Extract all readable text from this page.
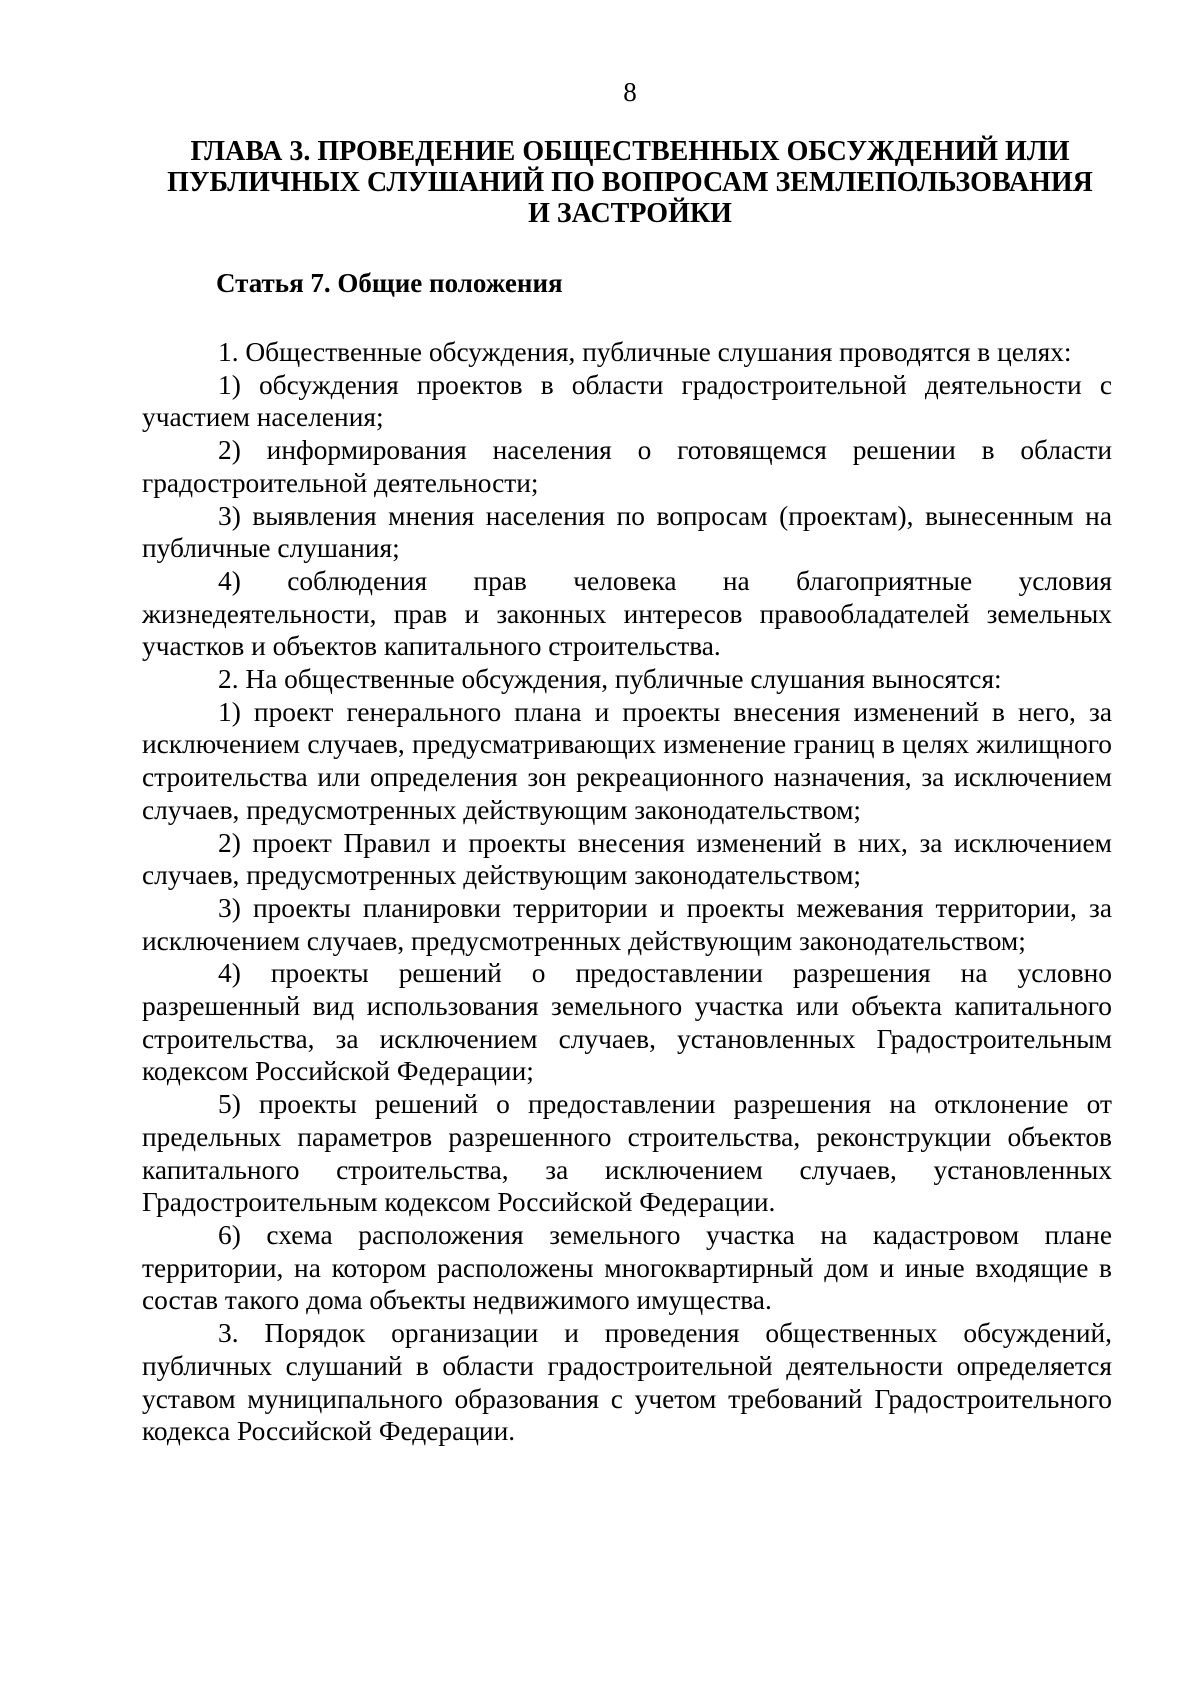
8
ГЛАВА 3. ПРОВЕДЕНИЕ ОБЩЕСТВЕННЫХ ОБСУЖДЕНИЙ ИЛИ
ПУБЛИЧНЫХ СЛУШАНИЙ ПО ВОПРОСАМ ЗЕМЛЕПОЛЬЗОВАНИЯ
И ЗАСТРОЙКИ
Статья 7. Общие положения

1. Общественные обсуждения, публичные слушания проводятся в целях:

1) обсуждения проектов в области градостроительной деятельности с участием населения;

2) информирования населения о готовящемся решении в области градостроительной деятельности;

3) выявления мнения населения по вопросам (проектам), вынесенным на публичные слушания;

4) соблюдения прав человека на благоприятные условия жизнедеятельности, прав и законных интересов правообладателей земельных участков и объектов капитального строительства.

2. На общественные обсуждения, публичные слушания выносятся:

1) проект генерального плана и проекты внесения изменений в него, за исключением случаев, предусматривающих изменение границ в целях жилищного строительства или определения зон рекреационного назначения, за исключением случаев, предусмотренных действующим законодательством;

2) проект Правил и проекты внесения изменений в них, за исключением случаев, предусмотренных действующим законодательством;

3) проекты планировки территории и проекты межевания территории, за исключением случаев, предусмотренных действующим законодательством;

4) проекты решений о предоставлении разрешения на условно разрешенный вид использования земельного участка или объекта капитального строительства, за исключением случаев, установленных Градостроительным кодексом Российской Федерации;

5) проекты решений о предоставлении разрешения на отклонение от предельных параметров разрешенного строительства, реконструкции объектов капитального строительства, за исключением случаев, установленных Градостроительным кодексом Российской Федерации.

6) схема расположения земельного участка на кадастровом плане территории, на котором расположены многоквартирный дом и иные входящие в состав такого дома объекты недвижимого имущества.

3. Порядок организации и проведения общественных обсуждений, публичных слушаний в области градостроительной деятельности определяется уставом муниципального образования с учетом требований Градостроительного кодекса Российской Федерации.
